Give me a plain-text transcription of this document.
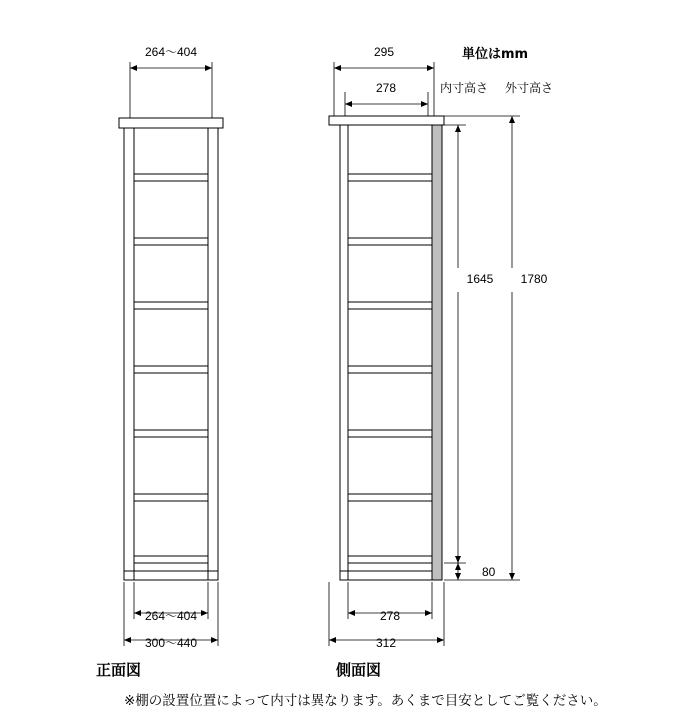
264〜404
264〜404
300〜440
295
278
278
312
1645 1780
80
単位はmm
内寸高さ 外寸高さ
正面図	側面図
※棚の設置位置によって内寸は異なります。あくまで目安としてご覧ください。
